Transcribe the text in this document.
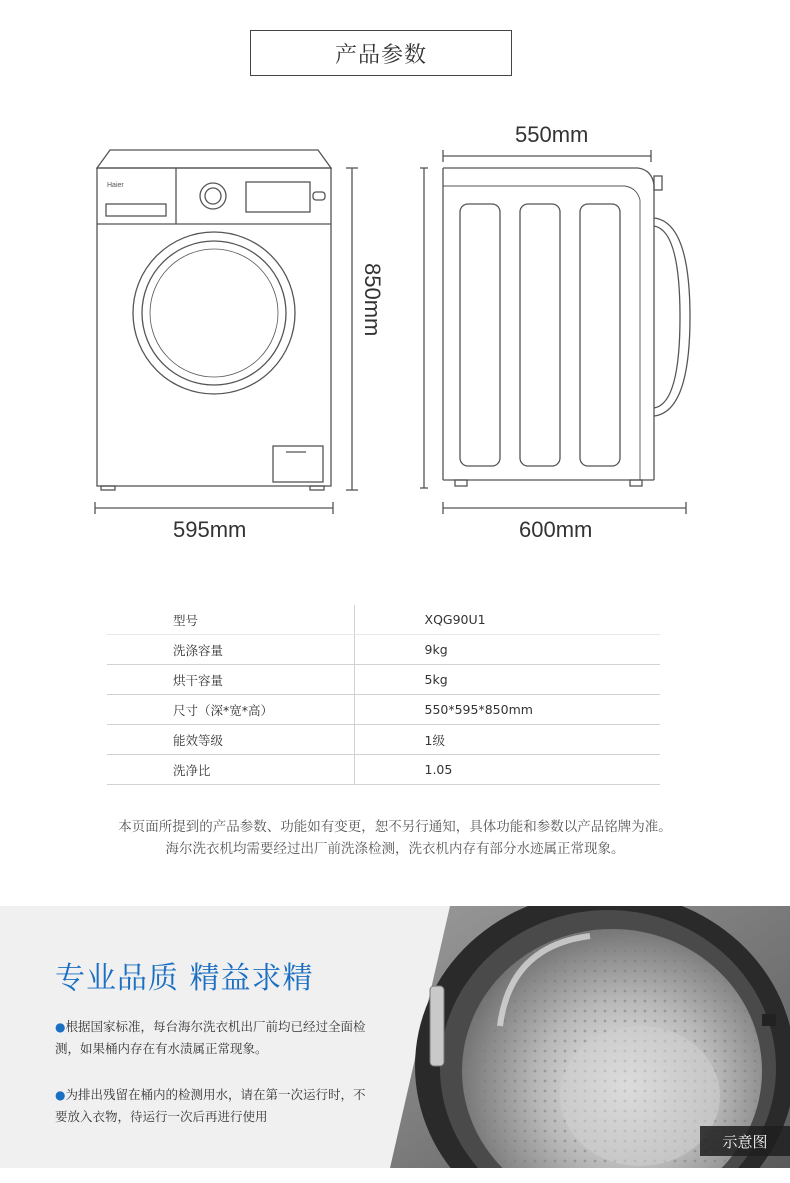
产品参数
Haier
550mm
850mm
595mm	600mm
型号	XQG90U1
洗涤容量	9kg
烘干容量	5kg
尺寸（深*宽*高）	550*595*850mm
能效等级	1级
洗净比	1.05
本页面所提到的产品参数、功能如有变更，恕不另行通知，具体功能和参数以产品铭牌为准。
海尔洗衣机均需要经过出厂前洗涤检测，洗衣机内存有部分水迹属正常现象。
专业品质 精益求精
●根据国家标准，每台海尔洗衣机出厂前均已经过全面检测，如果桶内存在有水渍属正常现象。
●为排出残留在桶内的检测用水，请在第一次运行时，不要放入衣物，待运行一次后再进行使用
示意图
